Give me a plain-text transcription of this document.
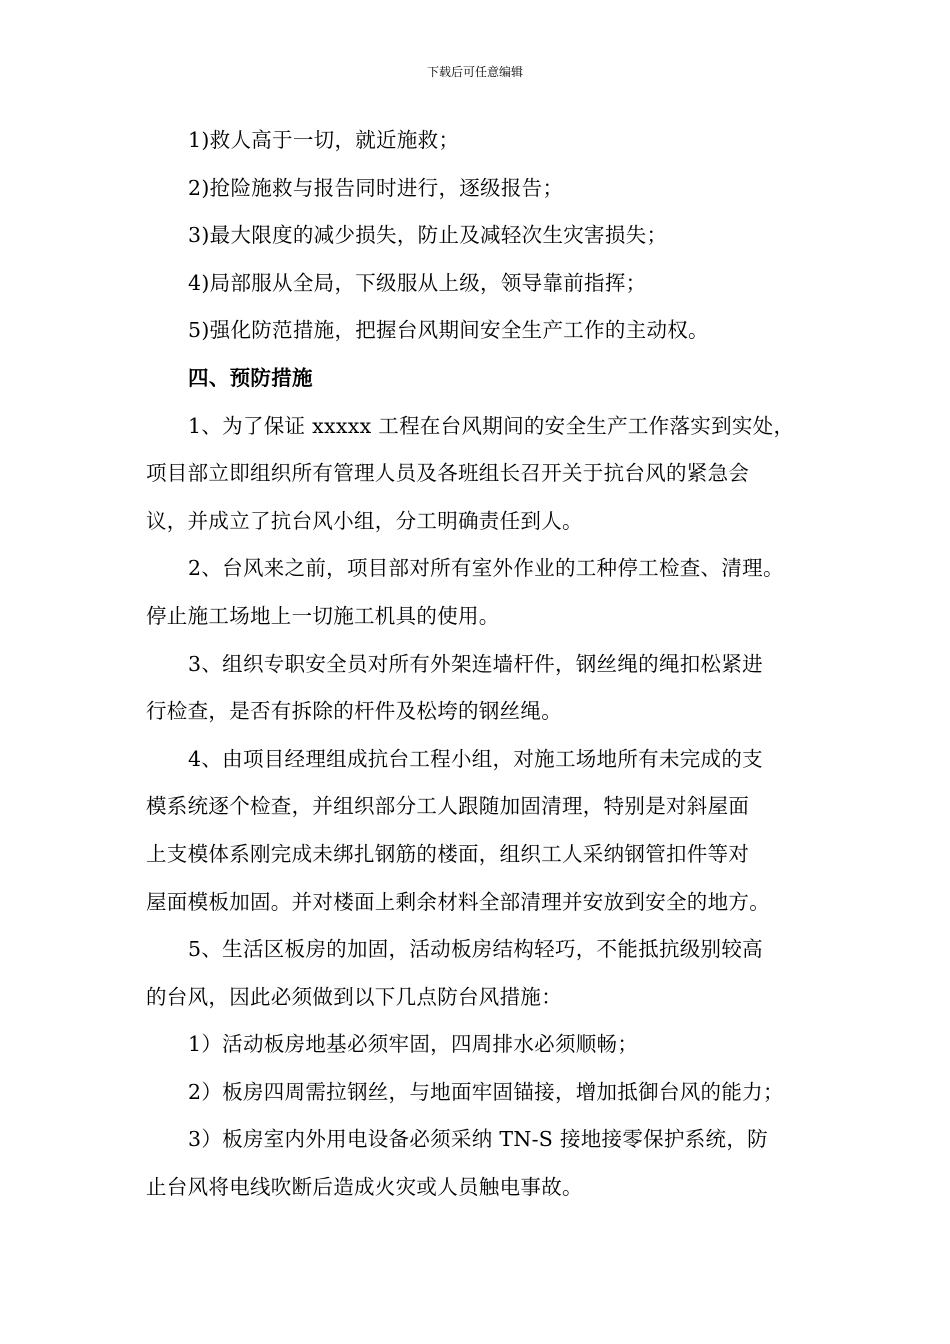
下载后可任意编辑

1)救人高于一切，就近施救；

2)抢险施救与报告同时进行，逐级报告；

3)最大限度的减少损失，防止及减轻次生灾害损失；

4)局部服从全局，下级服从上级，领导靠前指挥；

5)强化防范措施，把握台风期间安全生产工作的主动权。

四、预防措施

1、为了保证 xxxxx 工程在台风期间的安全生产工作落实到实处，

项目部立即组织所有管理人员及各班组长召开关于抗台风的紧急会

议，并成立了抗台风小组，分工明确责任到人。

2、台风来之前，项目部对所有室外作业的工种停工检查、清理。

停止施工场地上一切施工机具的使用。

3、组织专职安全员对所有外架连墙杆件，钢丝绳的绳扣松紧进

行检查，是否有拆除的杆件及松垮的钢丝绳。

4、由项目经理组成抗台工程小组，对施工场地所有未完成的支

模系统逐个检查，并组织部分工人跟随加固清理，特别是对斜屋面

上支模体系刚完成未绑扎钢筋的楼面，组织工人采纳钢管扣件等对

屋面模板加固。并对楼面上剩余材料全部清理并安放到安全的地方。

5、生活区板房的加固，活动板房结构轻巧，不能抵抗级别较高

的台风，因此必须做到以下几点防台风措施：

1）活动板房地基必须牢固，四周排水必须顺畅；

2）板房四周需拉钢丝，与地面牢固锚接，增加抵御台风的能力；

3）板房室内外用电设备必须采纳 TN-S 接地接零保护系统，防

止台风将电线吹断后造成火灾或人员触电事故。
